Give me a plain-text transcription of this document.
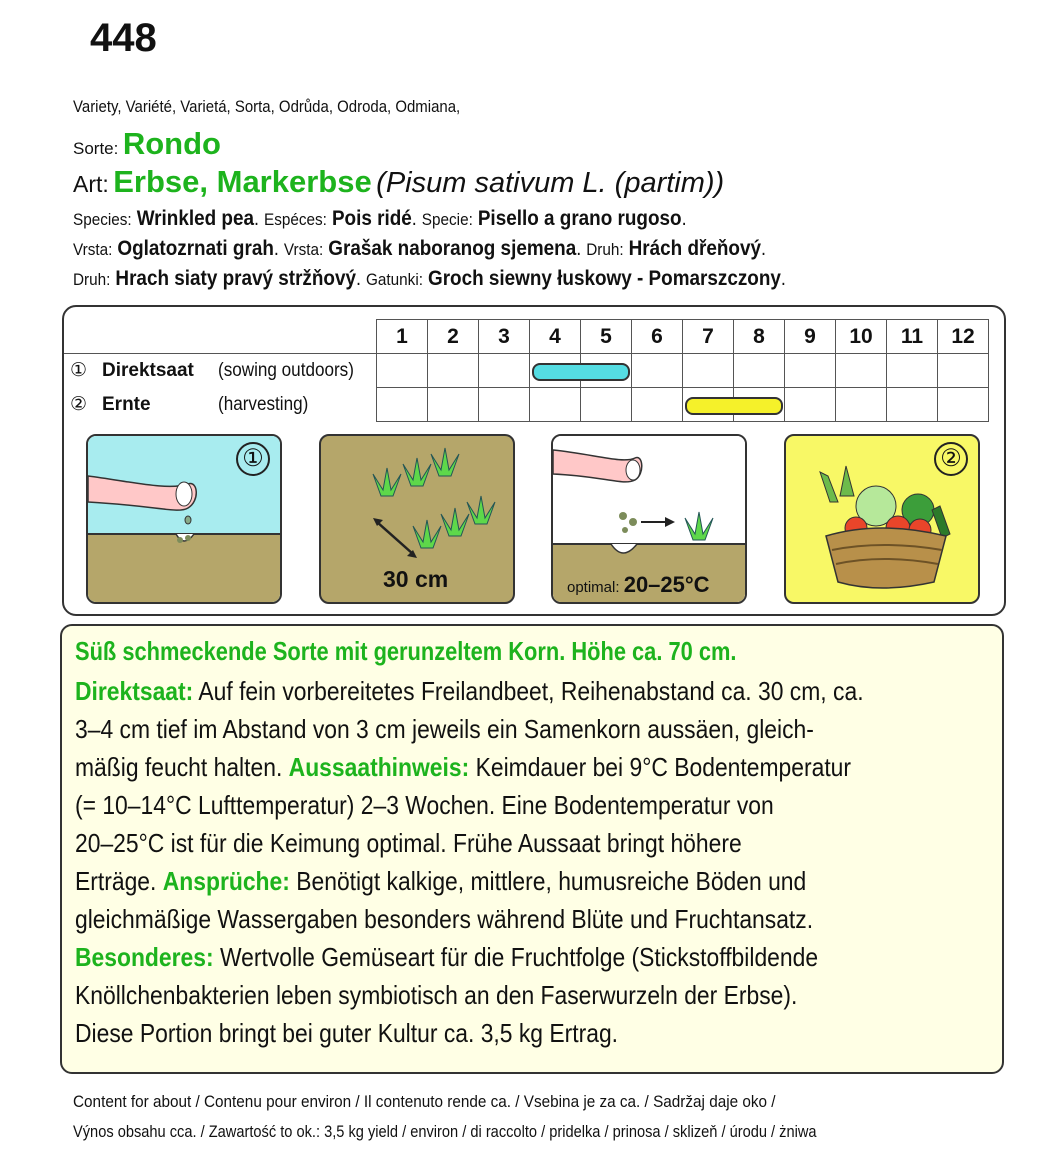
448
Variety, Variété, Varietá, Sorta, Odrůda, Odroda, Odmiana,
Sorte: Rondo
Art: Erbse, Markerbse (Pisum sativum L. (partim))
Species: Wrinkled pea. Espéces: Pois ridé. Specie: Pisello a grano rugoso.
Vrsta: Oglatozrnati grah. Vrsta: Grašak naboranog sjemena. Druh: Hrách dřeňový.
Druh: Hrach siaty pravý stržňový. Gatunki: Groch siewny łuskowy - Pomarszczony.
	1	2	3	4	5	6	7	8	9	10	11	12
① Direktsaat (sowing outdoors)				

② Ernte (harvesting)							

①
30 cm	optimal: 20–25°C
②

Süß schmeckende Sorte mit gerunzeltem Korn. Höhe ca. 70 cm.

Direktsaat: Auf fein vorbereitetes Freilandbeet, Reihenabstand ca. 30 cm, ca.

3–4 cm tief im Abstand von 3 cm jeweils ein Samenkorn aussäen, gleich-

mäßig feucht halten. Aussaathinweis: Keimdauer bei 9°C Bodentemperatur

(= 10–14°C Lufttemperatur) 2–3 Wochen. Eine Bodentemperatur von

20–25°C ist für die Keimung optimal. Frühe Aussaat bringt höhere

Erträge. Ansprüche: Benötigt kalkige, mittlere, humusreiche Böden und

gleichmäßige Wassergaben besonders während Blüte und Fruchtansatz.

Besonderes: Wertvolle Gemüseart für die Fruchtfolge (Stickstoffbildende

Knöllchenbakterien leben symbiotisch an den Faserwurzeln der Erbse).

Diese Portion bringt bei guter Kultur ca. 3,5 kg Ertrag.

Content for about / Contenu pour environ / Il contenuto rende ca. / Vsebina je za ca. / Sadržaj daje oko /
Výnos obsahu cca. / Zawartość to ok.: 3,5 kg yield / environ / di raccolto / pridelka / prinosa / sklizeň / úrodu / żniwa
